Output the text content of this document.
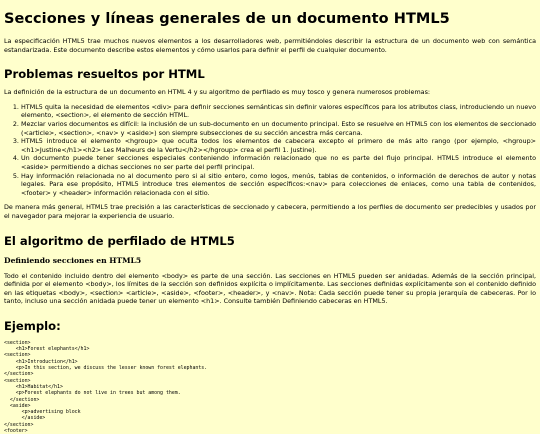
Secciones y líneas generales de un documento HTML5

La especificación HTML5 trae muchos nuevos elementos a los desarrolladores web, permitiéndoles describir la estructura de un documento web con semántica estandarizada. Este documento describe estos elementos y cómo usarlos para definir el perfil de cualquier documento.

Problemas resueltos por HTML

La definición de la estructura de un documento en HTML 4 y su algoritmo de perfilado es muy tosco y genera numerosos problemas:

1. HTML5 quita la necesidad de elementos <div> para definir secciones semánticas sin definir valores específicos para los atributos class, introduciendo un nuevo elemento, <section>, el elemento de sección HTML.
2. Mezclar varios documentos es difícil: la inclusión de un sub-documento en un documento principal. Esto se resuelve en HTML5 con los elementos de seccionado (<article>, <section>, <nav> y <aside>) son siempre subsecciones de su sección ancestra más cercana.
3. HTML5 introduce el elemento <hgroup> que oculta todos los elementos de cabecera excepto el primero de más alto rango (por ejemplo, <hgroup><h1>Justine</h1><h2> Les Malheurs de la Vertu</h2></hgroup> crea el perfil 1. Justine).
4. Un documento puede tener secciones especiales conteniendo información relacionado que no es parte del flujo principal. HTML5 introduce el elemento <aside> permitiendo a dichas secciones no ser parte del perfil principal.
5. Hay información relacionada no al documento pero si al sitio entero, como logos, menús, tablas de contenidos, o información de derechos de autor y notas legales. Para ese propósito, HTML5 introduce tres elementos de sección específicos:<nav> para colecciones de enlaces, como una tabla de contenidos, <footer> y <header> información relacionada con el sitio.

De manera más general, HTML5 trae precisión a las características de seccionado y cabecera, permitiendo a los perfiles de documento ser predecibles y usados por el navegador para mejorar la experiencia de usuario.

El algoritmo de perfilado de HTML5
Definiendo secciones en HTML5

Todo el contenido incluido dentro del elemento <body> es parte de una sección. Las secciones en HTML5 pueden ser anidadas. Además de la sección principal, definida por el elemento <body>, los límites de la sección son definidos explícita o implícitamente. Las secciones definidas explícitamente son el contenido definido en las etiquetas <body>, <section> <article>, <aside>, <footer>, <header>, y <nav>. Nota: Cada sección puede tener su propia jerarquía de cabeceras. Por lo tanto, incluso una sección anidada puede tener un elemento <h1>. Consulte también Definiendo cabeceras en HTML5.

Ejemplo:
<section>
<h1>Forest elephants</h1>
<section>
<h1>Introduction</h1>
<p>In this section, we discuss the lesser known forest elephants.
</section>
<section>
<h1>Habitat</h1>
<p>Forest elephants do not live in trees but among them.
</section>
<aside>
<p>advertising block
</aside>
</section>
<footer>
